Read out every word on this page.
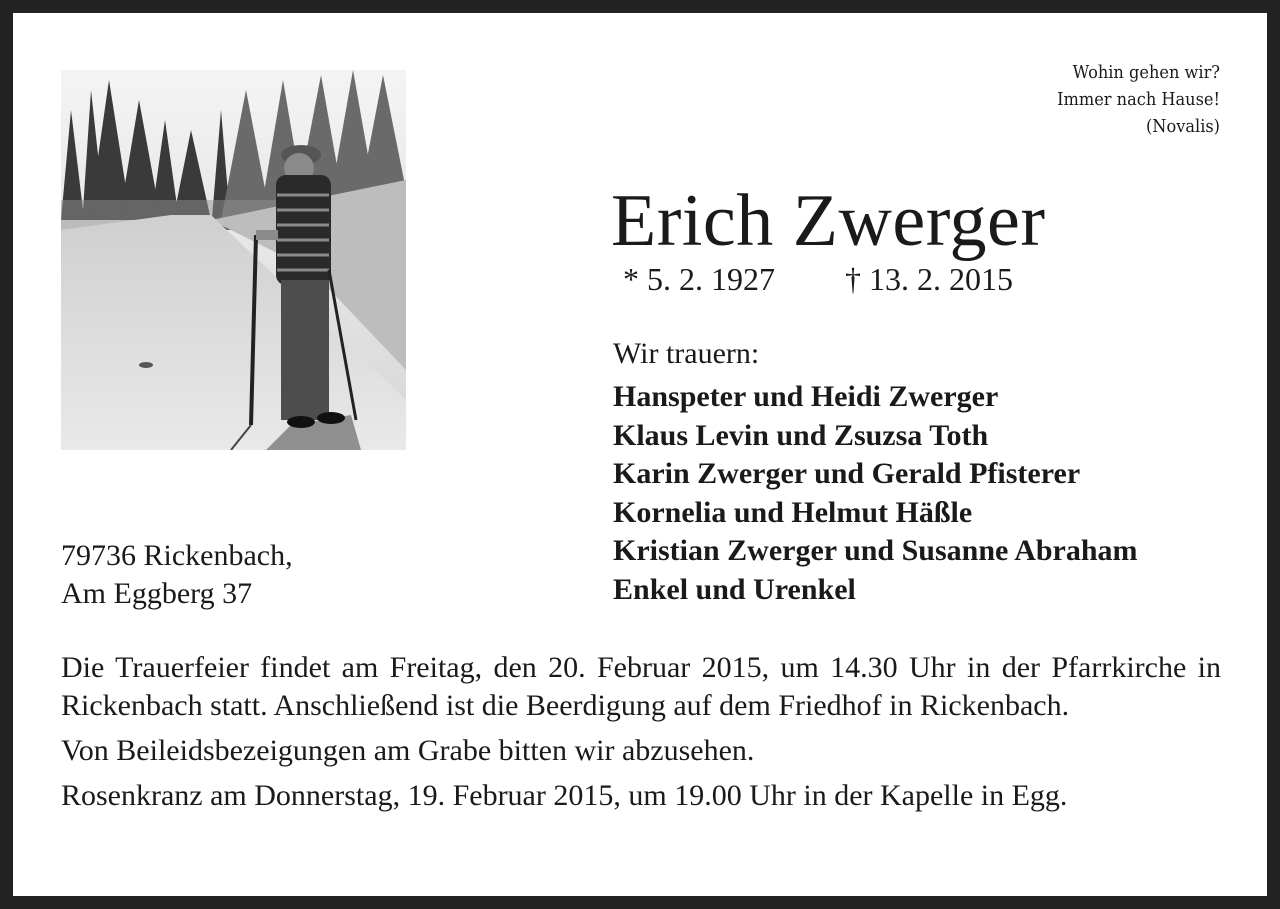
Wohin gehen wir?
Immer nach Hause!
(Novalis)
Erich Zwerger
* 5. 2. 1927 † 13. 2. 2015
Wir trauern:
Hanspeter und Heidi Zwerger
Klaus Levin und Zsuzsa Toth
Karin Zwerger und Gerald Pfisterer
Kornelia und Helmut Häßle
Kristian Zwerger und Susanne Abraham
Enkel und Urenkel
79736 Rickenbach,
Am Eggberg 37

Die Trauerfeier findet am Freitag, den 20. Februar 2015, um 14.30 Uhr in der Pfarrkirche in Rickenbach statt. Anschließend ist die Beerdigung auf dem Friedhof in Rickenbach.

Von Beileidsbezeigungen am Grabe bitten wir abzusehen.

Rosenkranz am Donnerstag, 19. Februar 2015, um 19.00 Uhr in der Kapelle in Egg.
